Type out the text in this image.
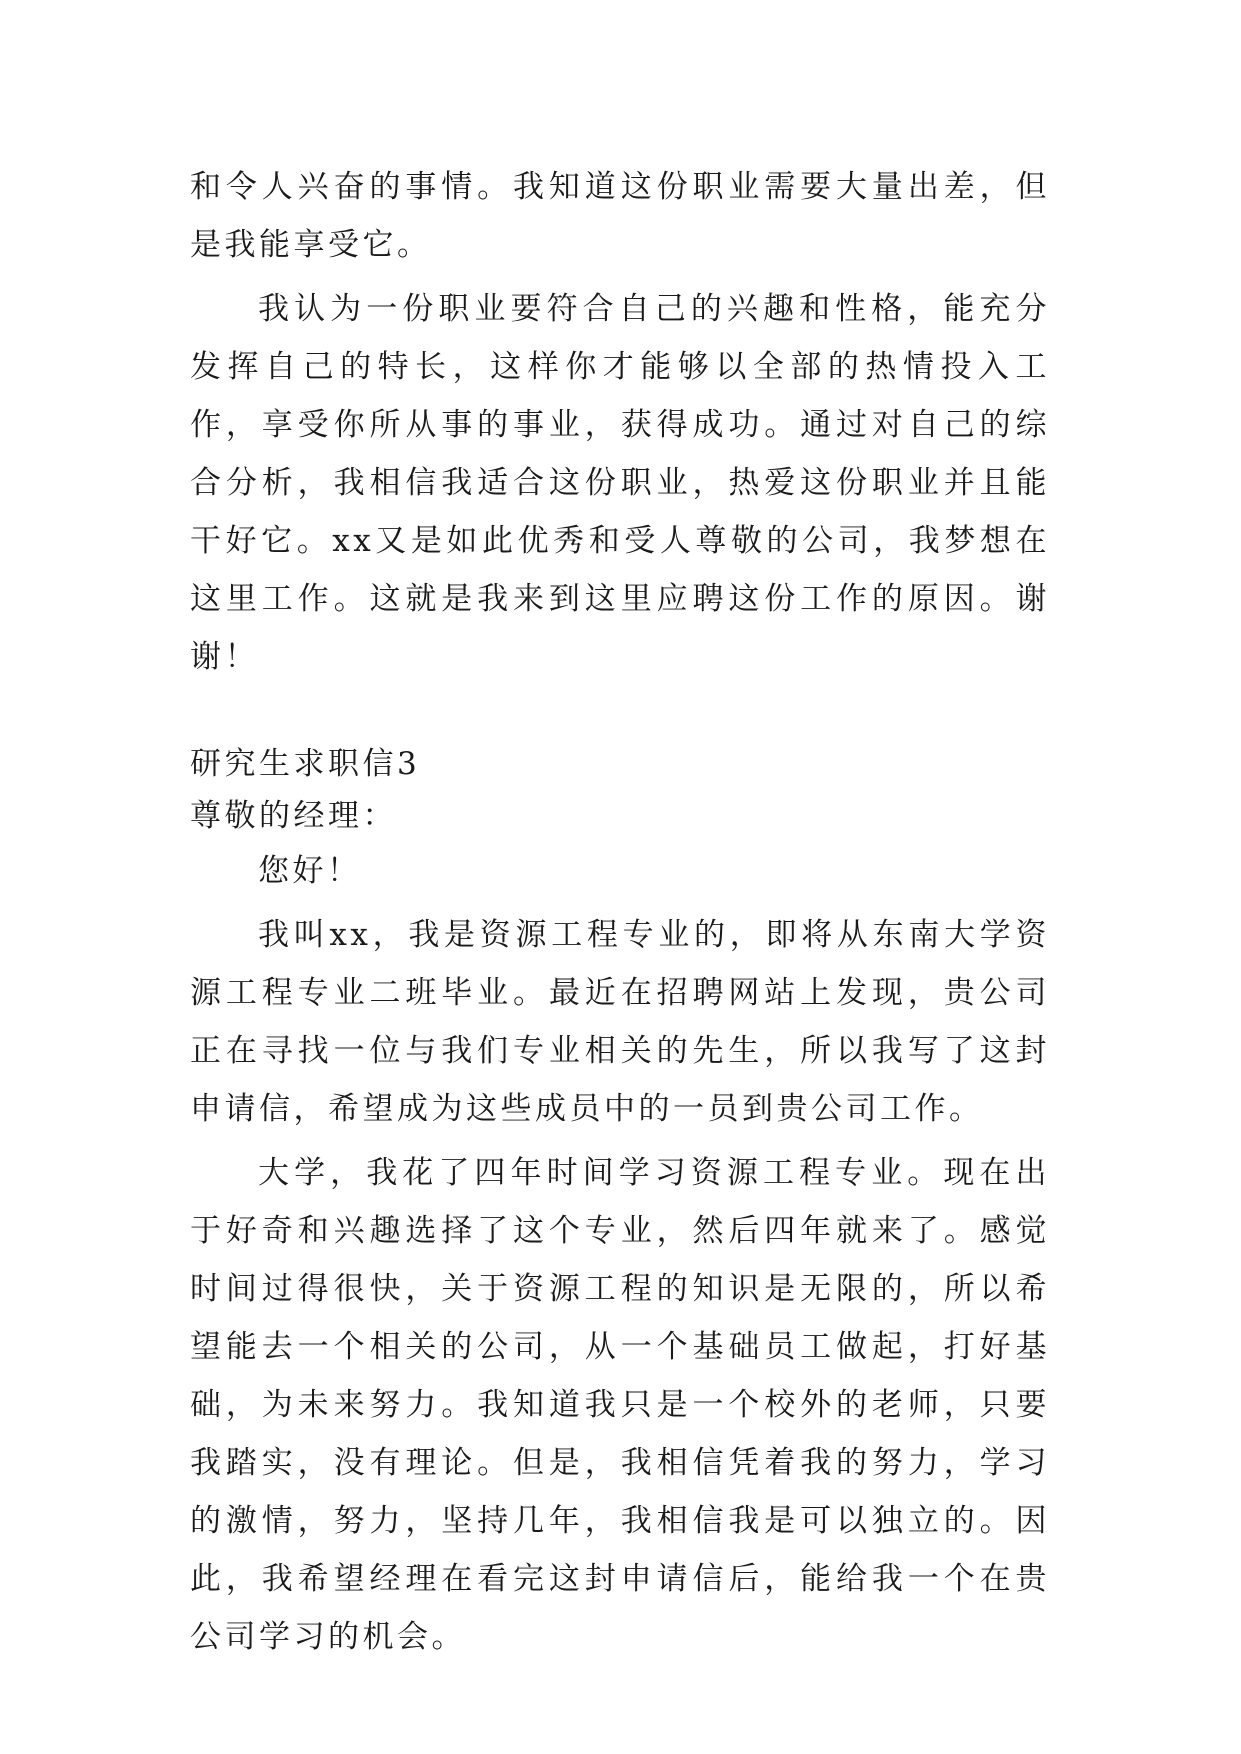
和令人兴奋的事情。我知道这份职业需要大量出差，但是我能享受它。

我认为一份职业要符合自己的兴趣和性格，能充分发挥自己的特长，这样你才能够以全部的热情投入工作，享受你所从事的事业，获得成功。通过对自己的综合分析，我相信我适合这份职业，热爱这份职业并且能干好它。xx又是如此优秀和受人尊敬的公司，我梦想在这里工作。这就是我来到这里应聘这份工作的原因。谢谢！

研究生求职信3

尊敬的经理：

您好！

我叫xx，我是资源工程专业的，即将从东南大学资源工程专业二班毕业。最近在招聘网站上发现，贵公司正在寻找一位与我们专业相关的先生，所以我写了这封申请信，希望成为这些成员中的一员到贵公司工作。

大学，我花了四年时间学习资源工程专业。现在出于好奇和兴趣选择了这个专业，然后四年就来了。感觉时间过得很快，关于资源工程的知识是无限的，所以希望能去一个相关的公司，从一个基础员工做起，打好基础，为未来努力。我知道我只是一个校外的老师，只要我踏实，没有理论。但是，我相信凭着我的努力，学习的激情，努力，坚持几年，我相信我是可以独立的。因此，我希望经理在看完这封申请信后，能给我一个在贵公司学习的机会。
